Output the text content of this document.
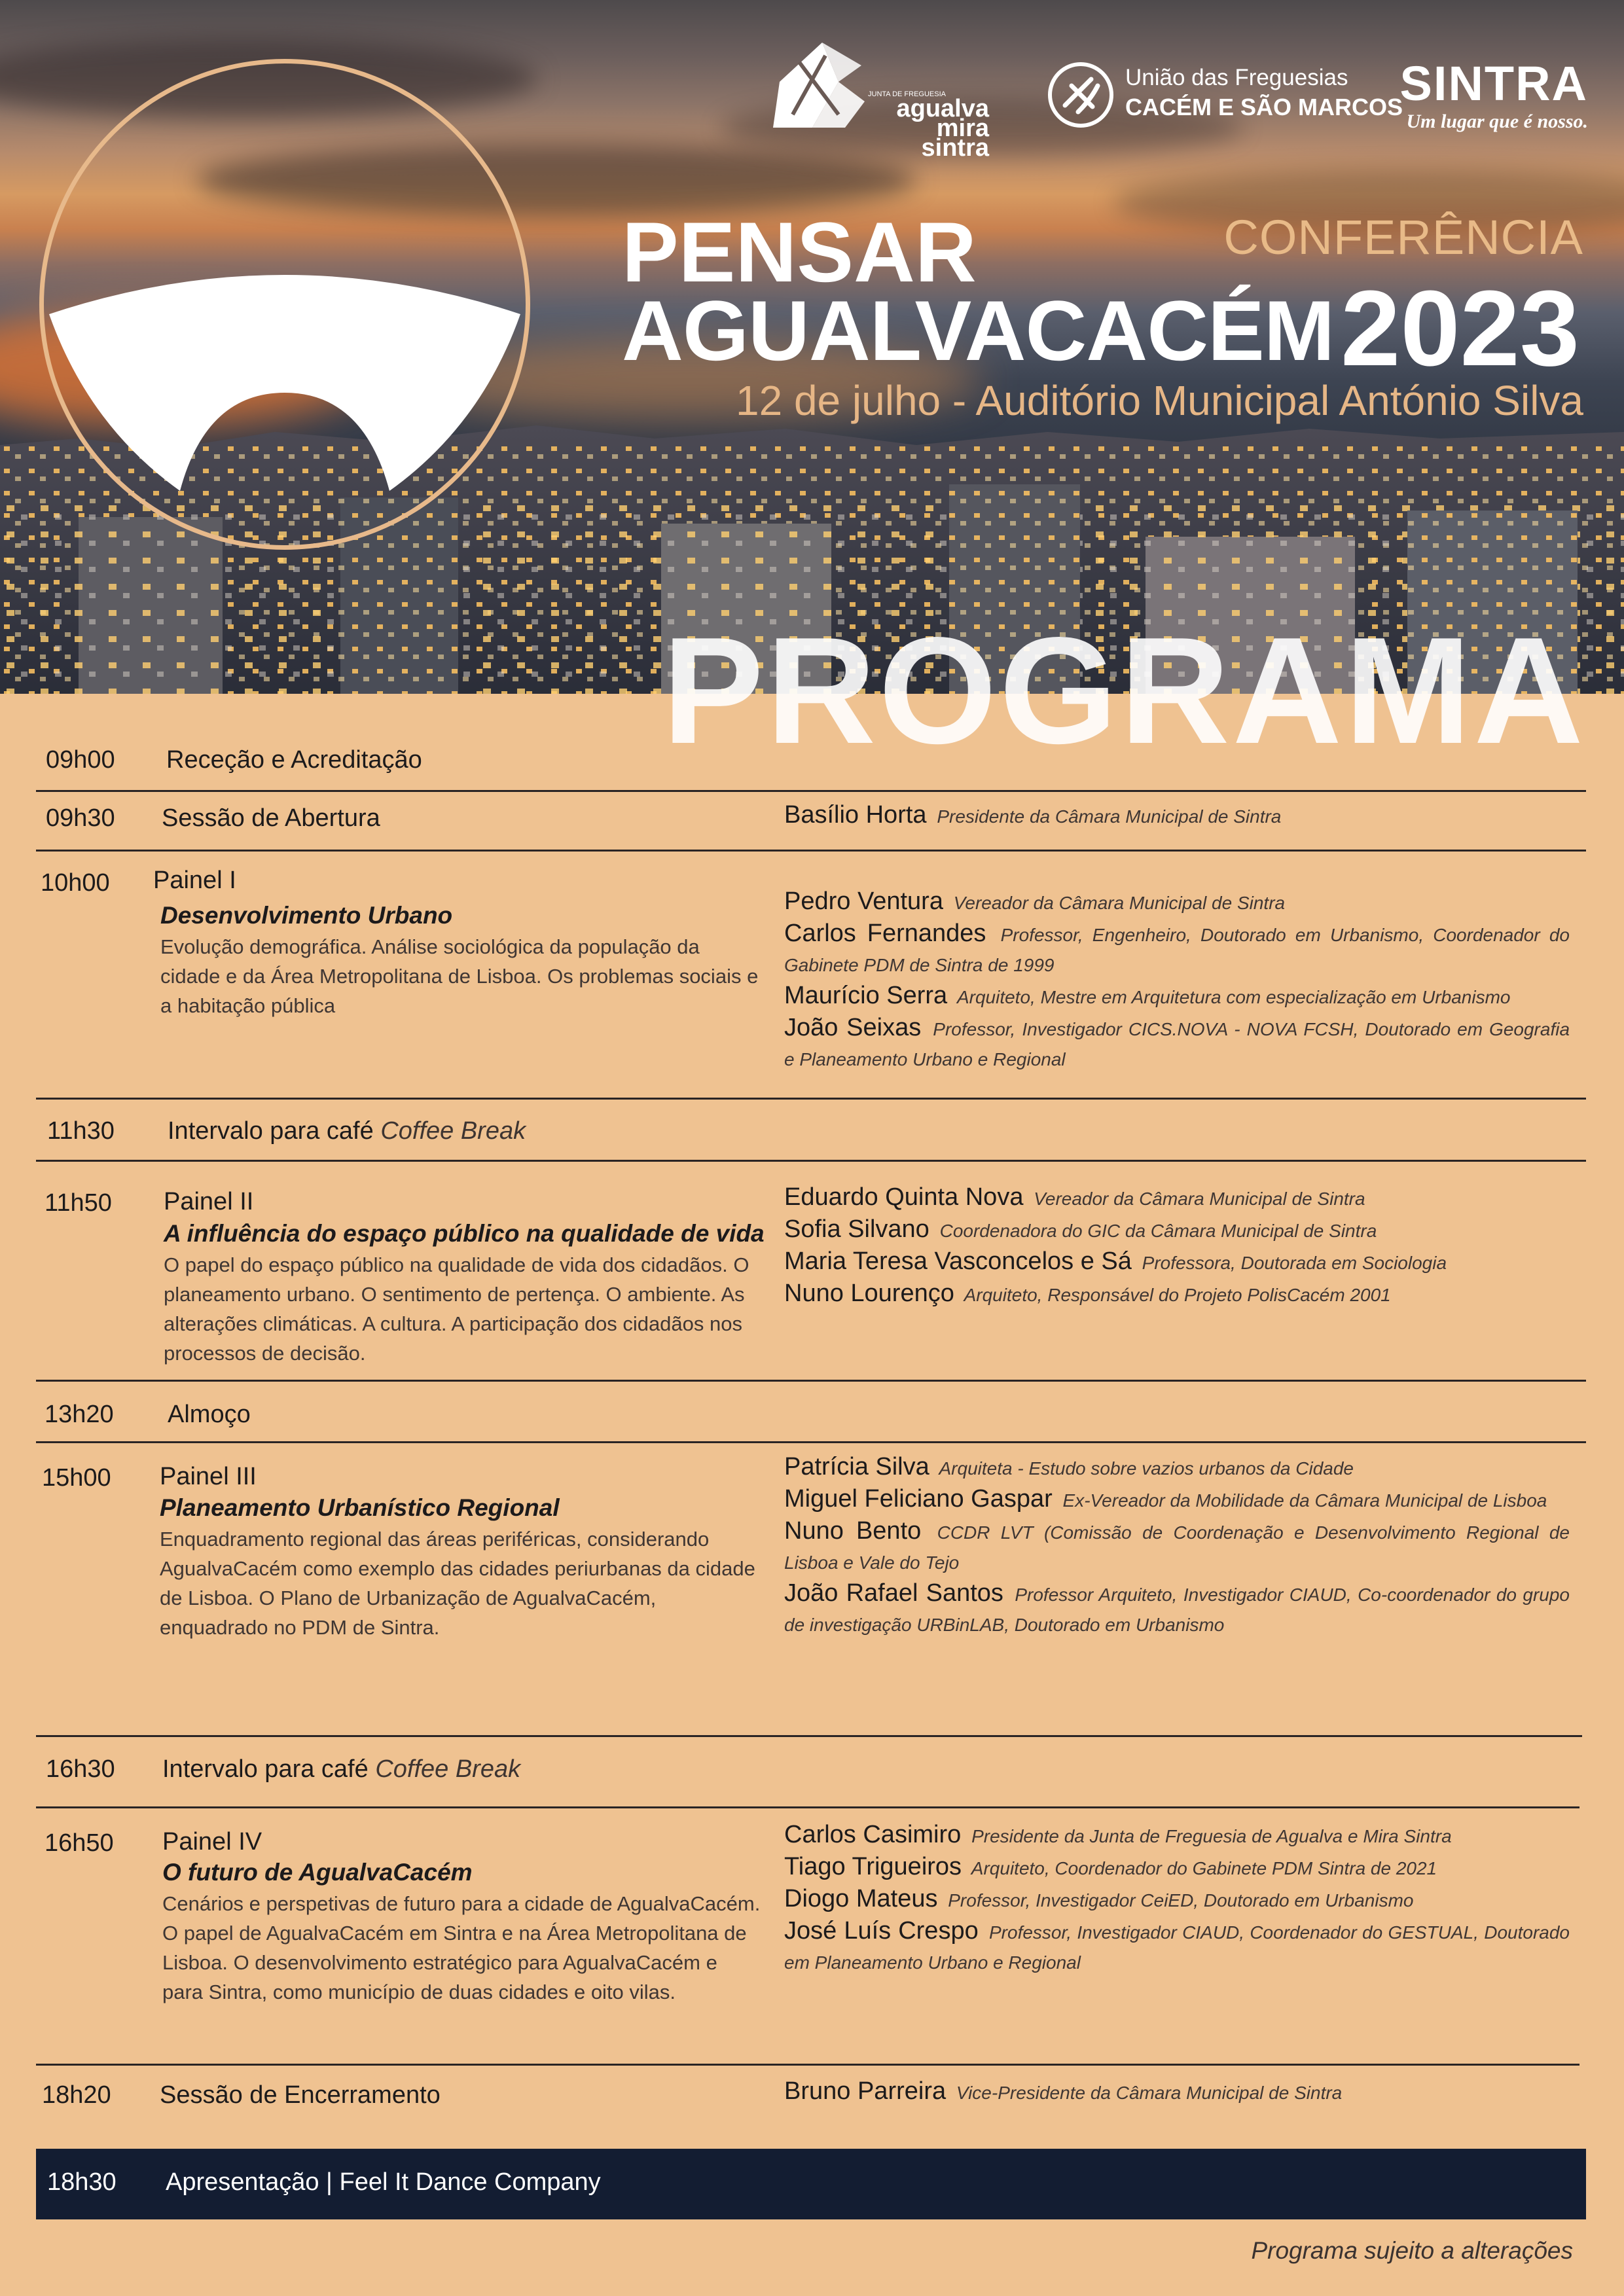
JUNTA DE FREGUESIA
agualva mira sintra
União das Freguesias
CACÉM E SÃO MARCOS
SINTRA
Um lugar que é nosso.
CONFERÊNCIA
PENSAR
AGUALVACACÉM 2023
12 de julho - Auditório Municipal António Silva
PROGRAMA
09h00 Receção e Acreditação
09h30 Sessão de Abertura	Basílio Horta Presidente da Câmara Municipal de Sintra

10h00 Painel I
Desenvolvimento Urbano
Evolução demográfica. Análise sociológica da população da cidade e da Área Metropolitana de Lisboa. Os problemas sociais e a habitação pública

Pedro Ventura Vereador da Câmara Municipal de Sintra

Carlos Fernandes Professor, Engenheiro, Doutorado em Urbanismo, Coordenador do Gabinete PDM de Sintra de 1999

Maurício Serra Arquiteto, Mestre em Arquitetura com especialização em Urbanismo

João Seixas Professor, Investigador CICS.NOVA - NOVA FCSH, Doutorado em Geografia e Planeamento Urbano e Regional

11h30 Intervalo para café Coffee Break
11h50 Painel II
A influência do espaço público na qualidade de vida
O papel do espaço público na qualidade de vida dos cidadãos. O planeamento urbano. O sentimento de pertença. O ambiente. As alterações climáticas. A cultura. A participação dos cidadãos nos processos de decisão.

Eduardo Quinta Nova Vereador da Câmara Municipal de Sintra

Sofia Silvano Coordenadora do GIC da Câmara Municipal de Sintra

Maria Teresa Vasconcelos e Sá Professora, Doutorada em Sociologia

Nuno Lourenço Arquiteto, Responsável do Projeto PolisCacém 2001

13h20 Almoço
15h00 Painel III
Planeamento Urbanístico Regional
Enquadramento regional das áreas periféricas, considerando AgualvaCacém como exemplo das cidades periurbanas da cidade de Lisboa. O Plano de Urbanização de AgualvaCacém, enquadrado no PDM de Sintra.

Patrícia Silva Arquiteta - Estudo sobre vazios urbanos da Cidade

Miguel Feliciano Gaspar Ex-Vereador da Mobilidade da Câmara Municipal de Lisboa

Nuno Bento CCDR LVT (Comissão de Coordenação e Desenvolvimento Regional de Lisboa e Vale do Tejo

João Rafael Santos Professor Arquiteto, Investigador CIAUD, Co-coordenador do grupo de investigação URBinLAB, Doutorado em Urbanismo

16h30 Intervalo para café Coffee Break
16h50 Painel IV
O futuro de AgualvaCacém
Cenários e perspetivas de futuro para a cidade de AgualvaCacém. O papel de AgualvaCacém em Sintra e na Área Metropolitana de Lisboa. O desenvolvimento estratégico para AgualvaCacém e para Sintra, como município de duas cidades e oito vilas.

Carlos Casimiro Presidente da Junta de Freguesia de Agualva e Mira Sintra

Tiago Trigueiros Arquiteto, Coordenador do Gabinete PDM Sintra de 2021

Diogo Mateus Professor, Investigador CeiED, Doutorado em Urbanismo

José Luís Crespo Professor, Investigador CIAUD, Coordenador do GESTUAL, Doutorado em Planeamento Urbano e Regional

18h20 Sessão de Encerramento	Bruno Parreira Vice-Presidente da Câmara Municipal de Sintra

18h30 Apresentação | Feel It Dance Company
Programa sujeito a alterações
